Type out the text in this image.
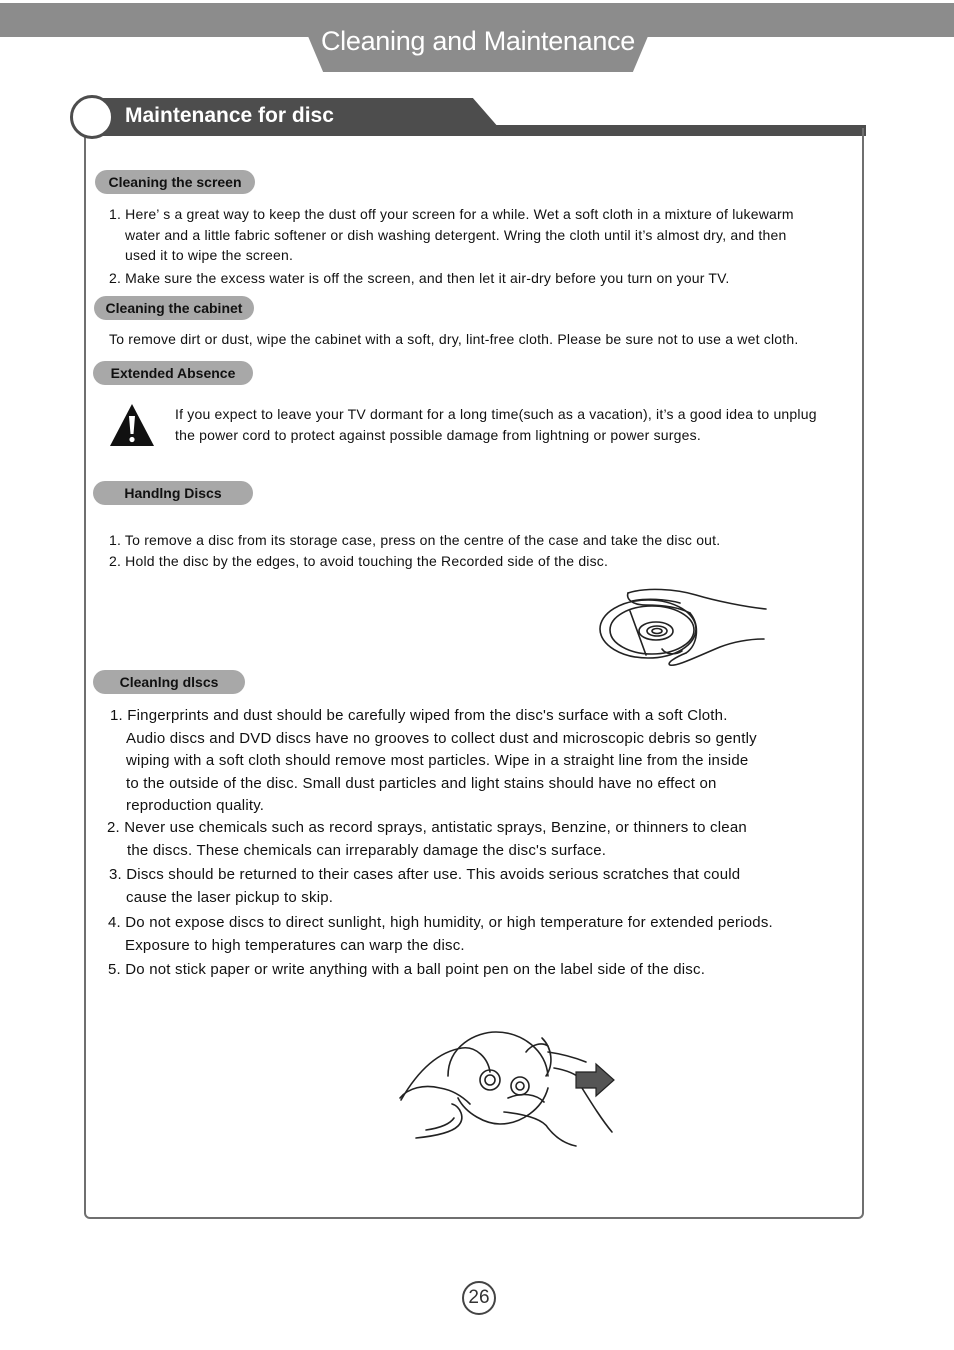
Cleaning and Maintenance
Maintenance for disc
Cleaning the screen
1. Here’ s a great way to keep the dust off your screen for a while. Wet a soft cloth in a mixture of lukewarm
water and a little fabric softener or dish washing detergent. Wring the cloth until it’s almost dry, and then
used it to wipe the screen.
2. Make sure the excess water is off the screen, and then let it air-dry before you turn on your TV.
Cleaning the cabinet
To remove dirt or dust, wipe the cabinet with a soft, dry, lint-free cloth. Please be sure not to use a wet cloth.
Extended Absence
If you expect to leave your TV dormant for a long time(such as a vacation), it’s a good idea to unplug
the power cord to protect against possible damage from lightning or power surges.
Handlng Discs
1. To remove a disc from its storage case, press on the centre of the case and take the disc out.
2. Hold the disc by the edges, to avoid touching the Recorded side of the disc.
Cleanlng dlscs
1. Fingerprints and dust should be carefully wiped from the disc's surface with a soft Cloth.
Audio discs and DVD discs have no grooves to collect dust and microscopic debris so gently
wiping with a soft cloth should remove most particles. Wipe in a straight line from the inside
to the outside of the disc. Small dust particles and light stains should have no effect on
reproduction quality.
2. Never use chemicals such as record sprays, antistatic sprays, Benzine, or thinners to clean
the discs. These chemicals can irreparably damage the disc's surface.
3. Discs should be returned to their cases after use. This avoids serious scratches that could
cause the laser pickup to skip.
4. Do not expose discs to direct sunlight, high humidity, or high temperature for extended periods.
Exposure to high temperatures can warp the disc.
5. Do not stick paper or write anything with a ball point pen on the label side of the disc.
26
